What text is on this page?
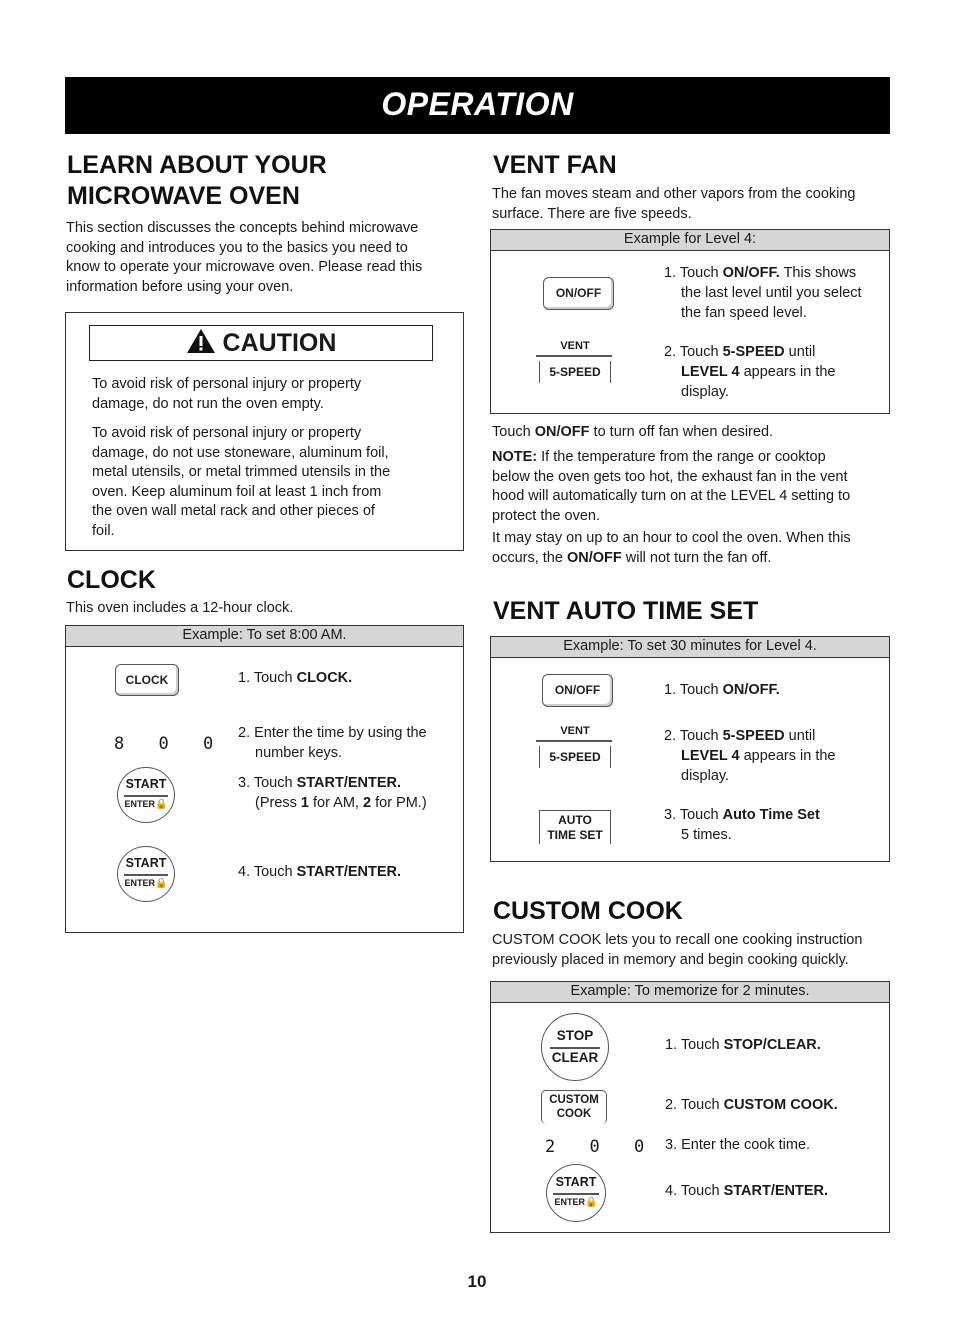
OPERATION
LEARN ABOUT YOUR
MICROWAVE OVEN
This section discusses the concepts behind microwave
cooking and introduces you to the basics you need to
know to operate your microwave oven. Please read this
information before using your oven.
CAUTION
To avoid risk of personal injury or property
damage, do not run the oven empty.
To avoid risk of personal injury or property
damage, do not use stoneware, aluminum foil,
metal utensils, or metal trimmed utensils in the
oven. Keep aluminum foil at least 1 inch from
the oven wall metal rack and other pieces of
foil.
CLOCK
This oven includes a 12-hour clock.
Example: To set 8:00 AM.
CLOCK
8 0 0
START
ENTER🔒
START
ENTER🔒
1. Touch CLOCK.
2. Enter the time by using the
number keys.
3. Touch START/ENTER.
(Press 1 for AM, 2 for PM.)
4. Touch START/ENTER.
VENT FAN
The fan moves steam and other vapors from the cooking
surface. There are five speeds.
Example for Level 4:
ON/OFF
VENT
5-SPEED
1. Touch ON/OFF. This shows
the last level until you select
the fan speed level.
2. Touch 5-SPEED until
LEVEL 4 appears in the
display.
Touch ON/OFF to turn off fan when desired.
NOTE: If the temperature from the range or cooktop
below the oven gets too hot, the exhaust fan in the vent
hood will automatically turn on at the LEVEL 4 setting to
protect the oven.
It may stay on up to an hour to cool the oven. When this
occurs, the ON/OFF will not turn the fan off.
VENT AUTO TIME SET
Example: To set 30 minutes for Level 4.
ON/OFF
VENT
5-SPEED
AUTO
TIME SET
1. Touch ON/OFF.
2. Touch 5-SPEED until
LEVEL 4 appears in the
display.
3. Touch Auto Time Set
5 times.
CUSTOM COOK
CUSTOM COOK lets you to recall one cooking instruction
previously placed in memory and begin cooking quickly.
Example: To memorize for 2 minutes.
STOP
CLEAR
CUSTOM
COOK
2 0 0
START
ENTER🔒
1. Touch STOP/CLEAR.
2. Touch CUSTOM COOK.
3. Enter the cook time.
4. Touch START/ENTER.
10
